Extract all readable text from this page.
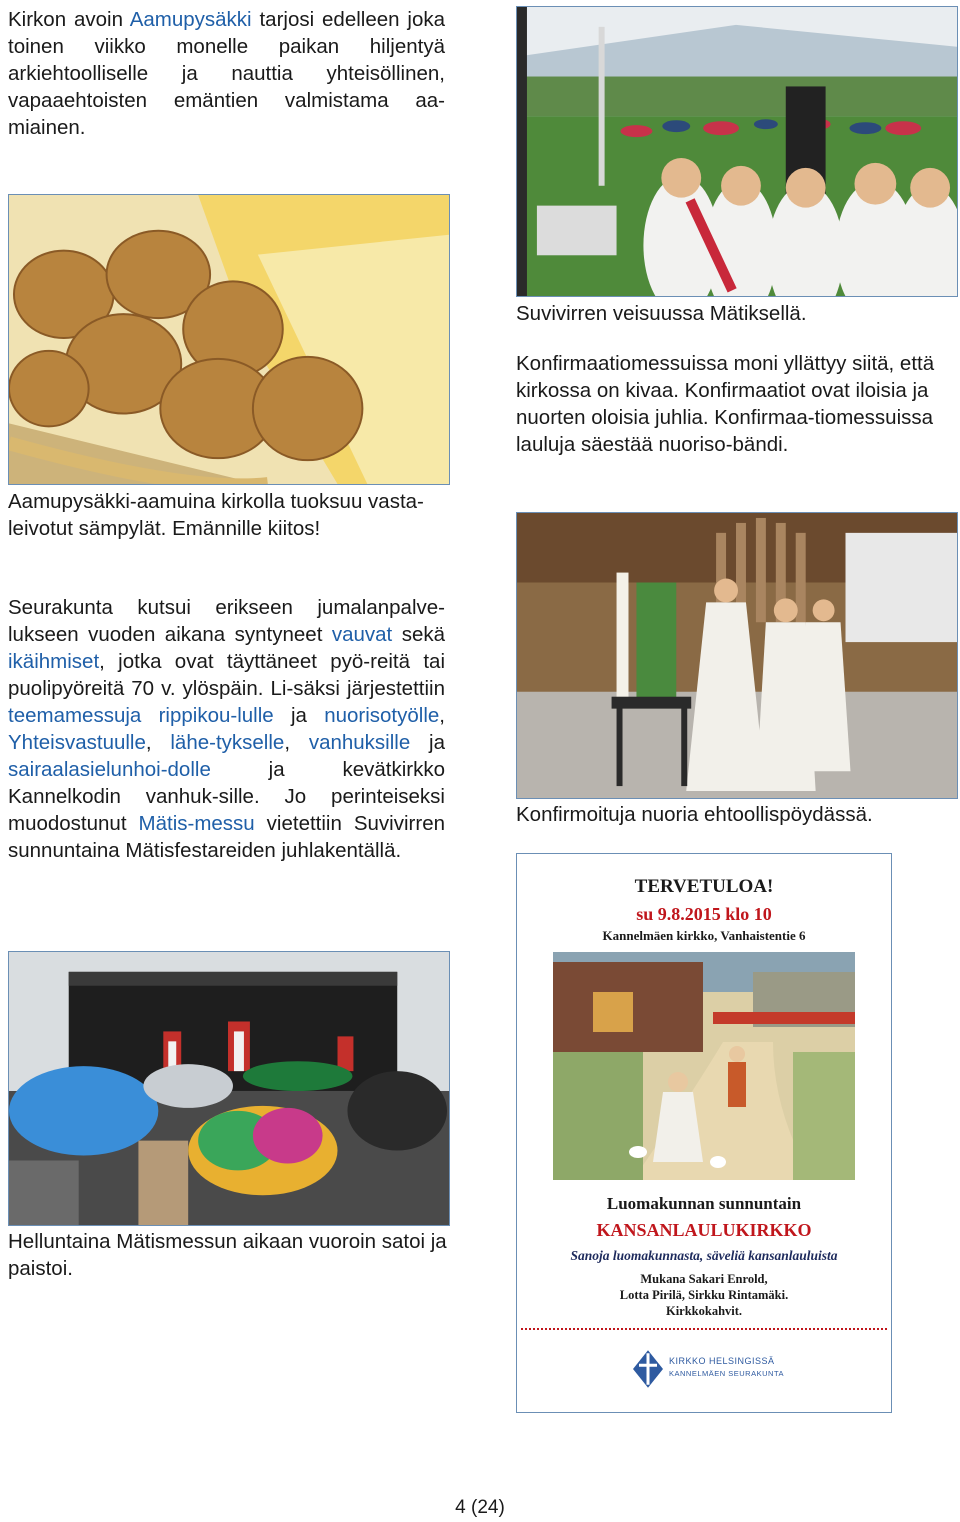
Kirkon avoin Aamupysäkki tarjosi edelleen joka toinen viikko monelle paikan hiljentyä arkiehtoolliselle ja nauttia yhteisöllinen, vapaaehtoisten emäntien valmistama aa-miainen.

Suvivirren veisuussa Mätiksellä.

Aamupysäkki-aamuina kirkolla tuoksuu vasta-leivotut sämpylät. Emännille kiitos!

Konfirmaatiomessuissa moni yllättyy siitä, että kirkossa on kivaa. Konfirmaatiot ovat iloisia ja nuorten oloisia juhlia. Konfirmaa-tiomessuissa lauluja säestää nuoriso-bändi.

Konfirmoituja nuoria ehtoollispöydässä.

Seurakunta kutsui erikseen jumalanpalve-lukseen vuoden aikana syntyneet vauvat sekä ikäihmiset, jotka ovat täyttäneet pyö-reitä tai puolipyöreitä 70 v. ylöspäin. Li-säksi järjestettiin teemamessuja rippikou-lulle ja nuorisotyölle, Yhteisvastuulle, lähe-tykselle, vanhuksille ja sairaalasielunhoi-dolle ja kevätkirkko Kannelkodin vanhuk-sille. Jo perinteiseksi muodostunut Mätis-messu vietettiin Suvivirren sunnuntaina Mätisfestareiden juhlakentällä.

Helluntaina Mätismessun aikaan vuoroin satoi ja paistoi.

TERVETULOA!
su 9.8.2015 klo 10
Kannelmäen kirkko, Vanhaistentie 6
Luomakunnan sunnuntain
KANSANLAULUKIRKKO
Sanoja luomakunnasta, säveliä kansanlauluista
Mukana Sakari Enrold,
Lotta Pirilä, Sirkku Rintamäki.
Kirkkokahvit.
KIRKKO HELSINGISSÄ
KANNELMÄEN SEURAKUNTA
4 (24)
